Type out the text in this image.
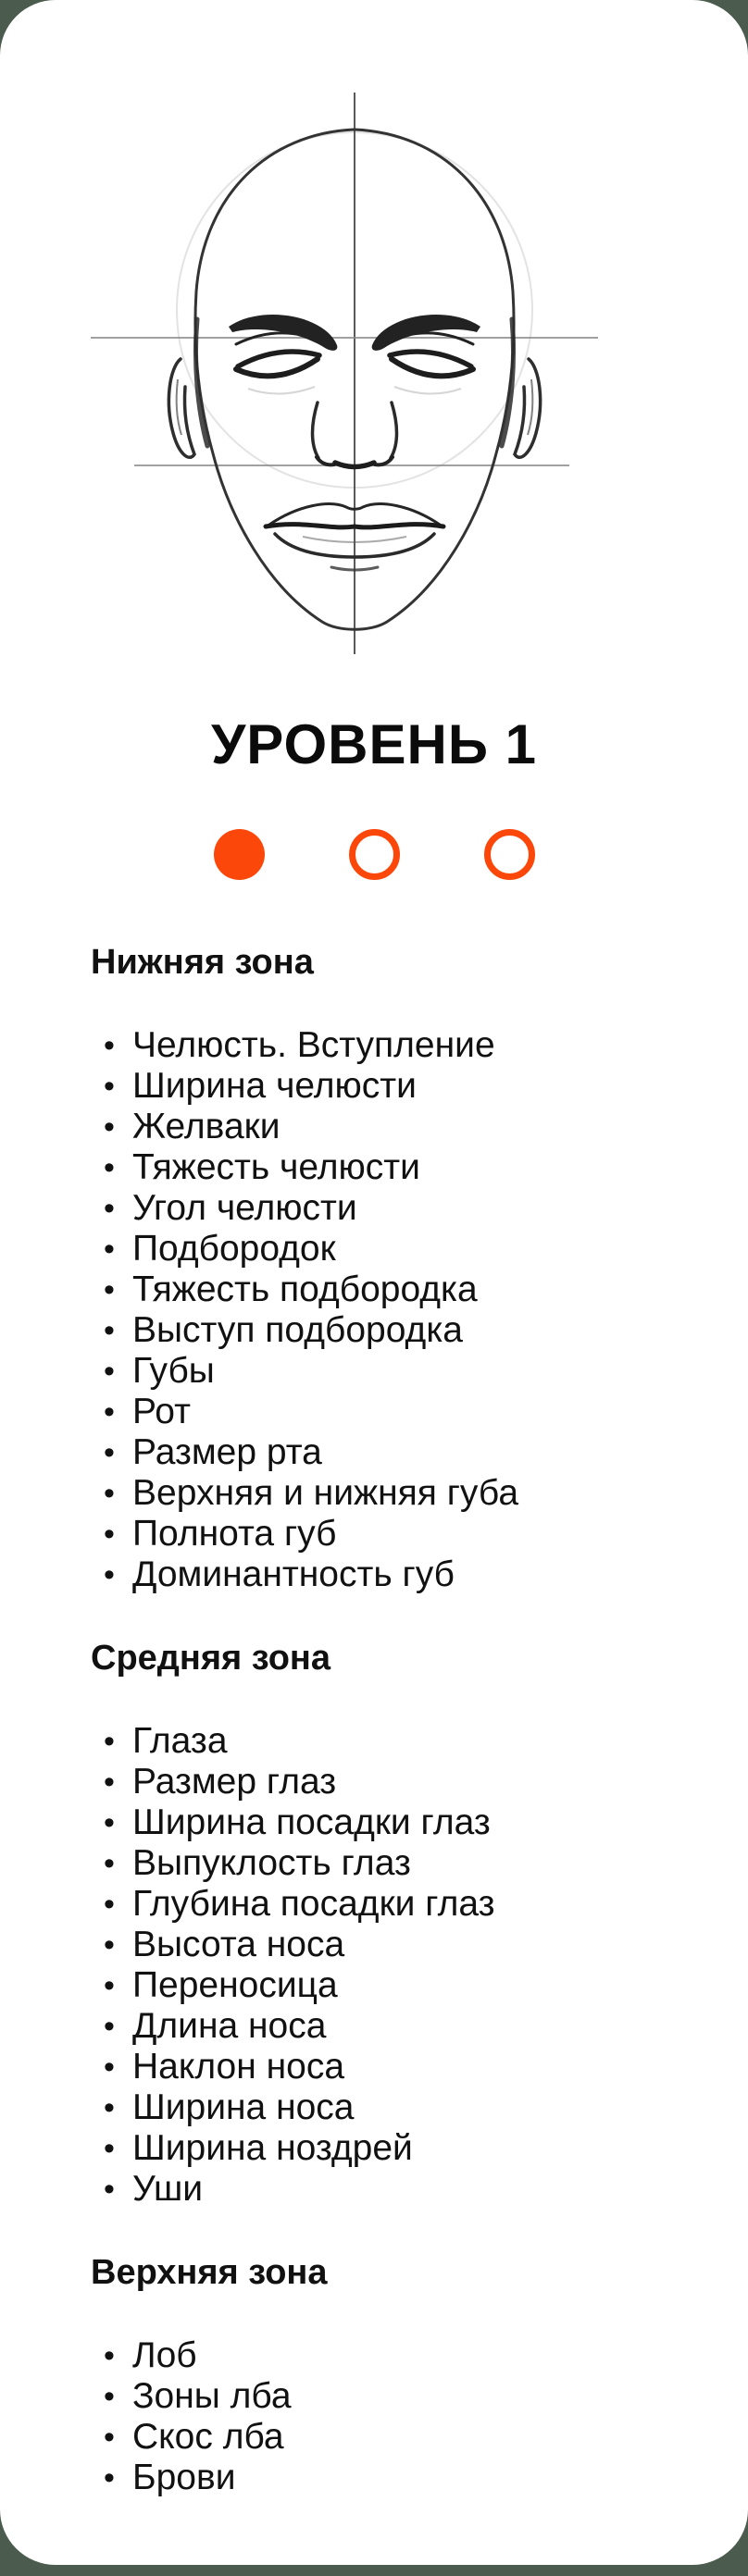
УРОВЕНЬ 1
Нижняя зона
• Челюсть. Вступление
• Ширина челюсти
• Желваки
• Тяжесть челюсти
• Угол челюсти
• Подбородок
• Тяжесть подбородка
• Выступ подбородка
• Губы
• Рот
• Размер рта
• Верхняя и нижняя губа
• Полнота губ
• Доминантность губ
Средняя зона
• Глаза
• Размер глаз
• Ширина посадки глаз
• Выпуклость глаз
• Глубина посадки глаз
• Высота носа
• Переносица
• Длина носа
• Наклон носа
• Ширина носа
• Ширина ноздрей
• Уши
Верхняя зона
• Лоб
• Зоны лба
• Скос лба
• Брови
